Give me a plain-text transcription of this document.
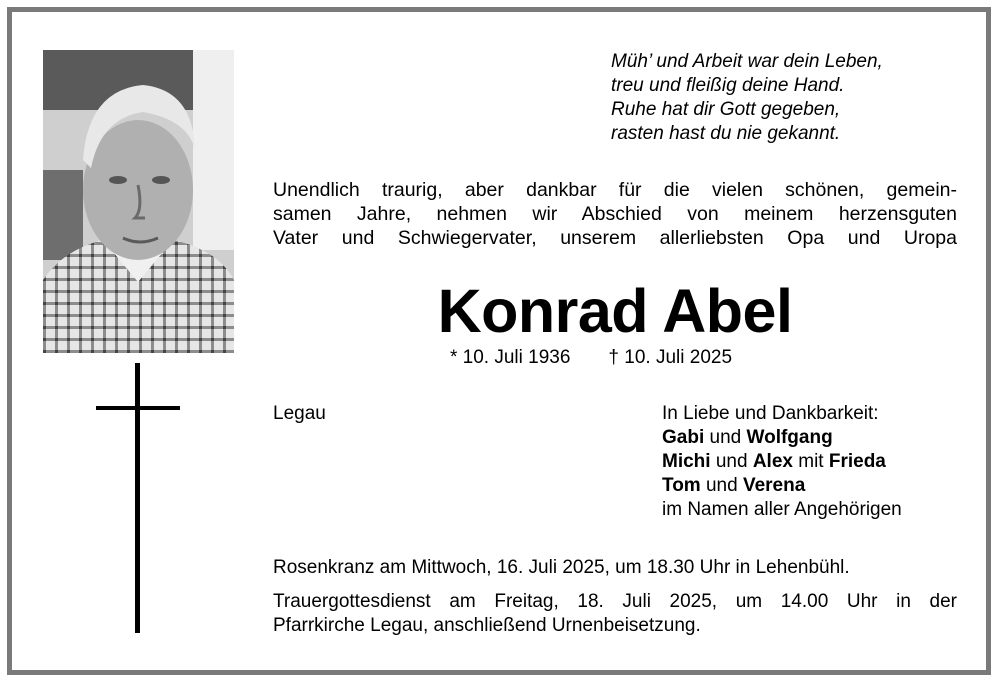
Müh’ und Arbeit war dein Leben,
treu und fleißig deine Hand.
Ruhe hat dir Gott gegeben,
rasten hast du nie gekannt.
Unendlich traurig, aber dankbar für die vielen schönen, gemein-
samen Jahre, nehmen wir Abschied von meinem herzensguten
Vater und Schwiegervater, unserem allerliebsten Opa und Uropa
Konrad Abel
* 10. Juli 1936 † 10. Juli 2025
Legau	In Liebe und Dankbarkeit:
Gabi und Wolfgang
Michi und Alex mit Frieda
Tom und Verena
im Namen aller Angehörigen
Rosenkranz am Mittwoch, 16. Juli 2025, um 18.30 Uhr in Lehenbühl.
Trauergottesdienst am Freitag, 18. Juli 2025, um 14.00 Uhr in der
Pfarrkirche Legau, anschließend Urnenbeisetzung.
